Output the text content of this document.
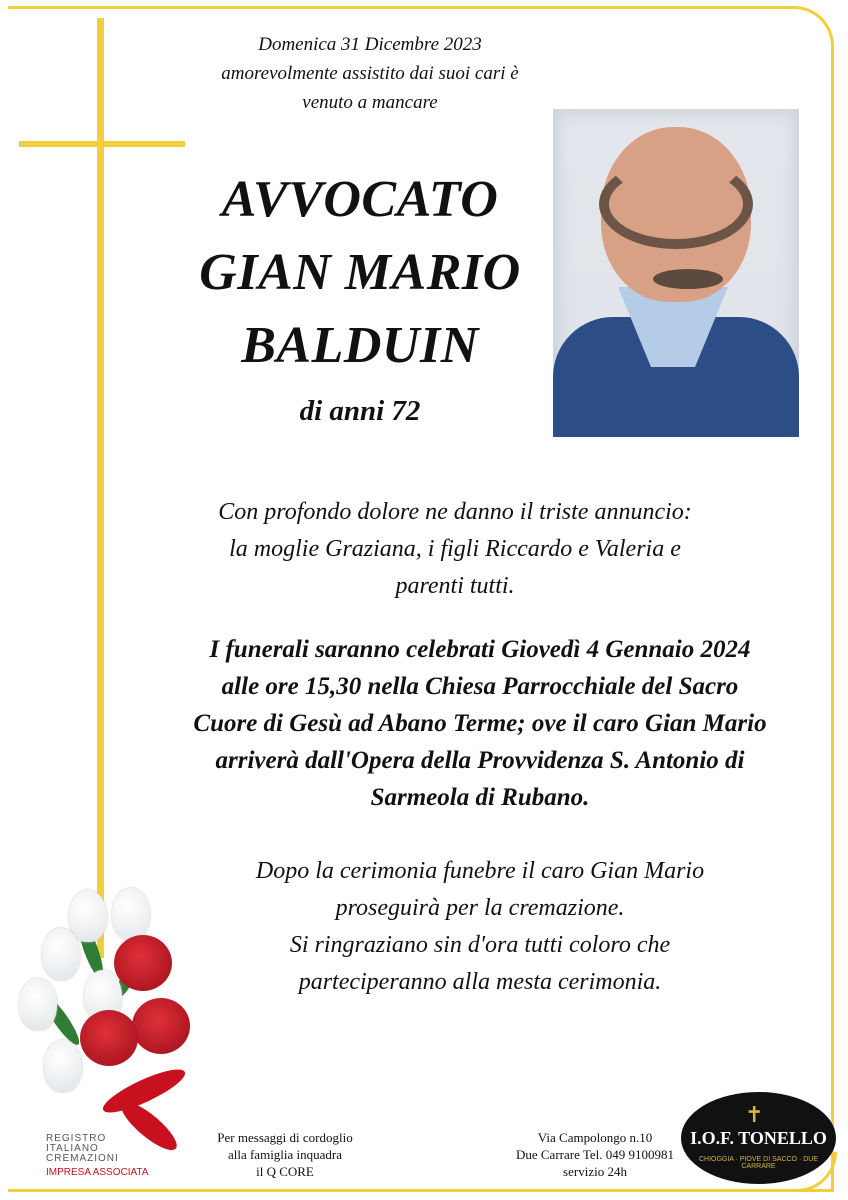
Domenica 31 Dicembre 2023
amorevolmente assistito dai suoi cari è
venuto a mancare
AVVOCATO
GIAN MARIO
BALDUIN
di anni 72
Con profondo dolore ne danno il triste annuncio:
la moglie Graziana, i figli Riccardo e Valeria e
parenti tutti.
I funerali saranno celebrati Giovedì 4 Gennaio 2024
alle ore 15,30 nella Chiesa Parrocchiale del Sacro
Cuore di Gesù ad Abano Terme; ove il caro Gian Mario
arriverà dall'Opera della Provvidenza S. Antonio di
Sarmeola di Rubano.
Dopo la cerimonia funebre il caro Gian Mario
proseguirà per la cremazione.
Si ringraziano sin d'ora tutti coloro che
parteciperanno alla mesta cerimonia.
REGISTRO
ITALIANO
CREMAZIONI
IMPRESA ASSOCIATA
Per messaggi di cordoglio
alla famiglia inquadra
il Q CORE
Via Campolongo n.10
Due Carrare Tel. 049 9100981
servizio 24h
✝
I.O.F. TONELLO
CHIOGGIA · PIOVE DI SACCO · DUE CARRARE
